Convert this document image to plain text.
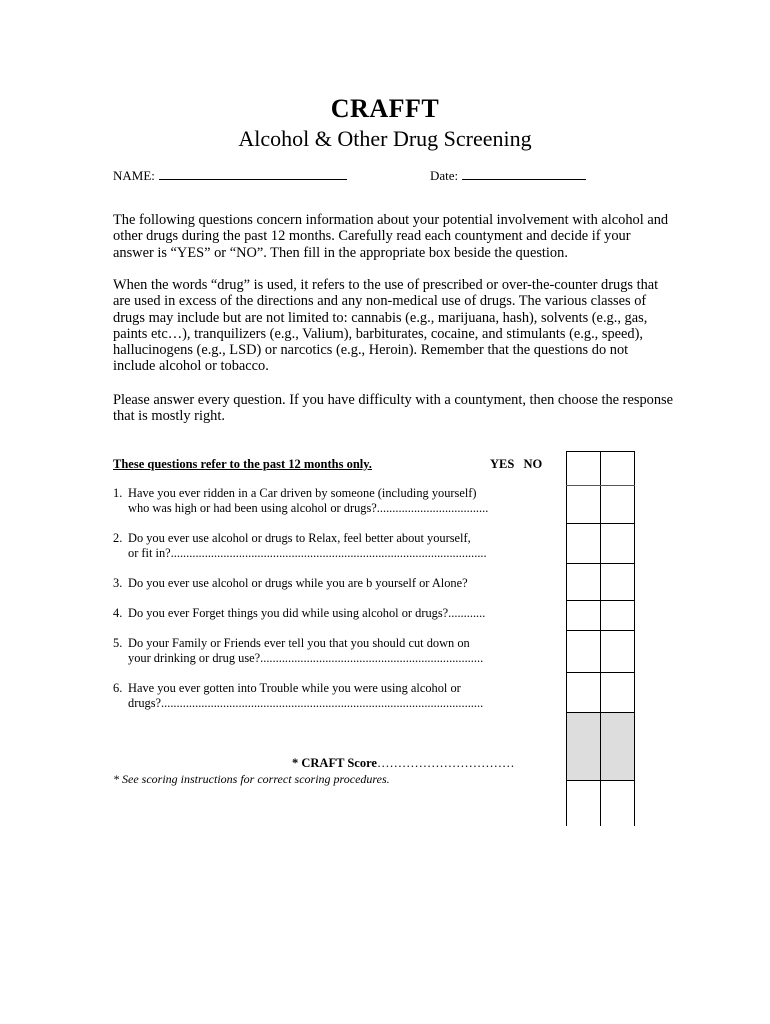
CRAFFT
Alcohol & Other Drug Screening
NAME:	Date:

The following questions concern information about your potential involvement with alcohol and other drugs during the past 12 months. Carefully read each countyment and decide if your answer is “YES” or “NO”. Then fill in the appropriate box beside the question.

When the words “drug” is used, it refers to the use of prescribed or over-the-counter drugs that are used in excess of the directions and any non-medical use of drugs. The various classes of drugs may include but are not limited to: cannabis (e.g., marijuana, hash), solvents (e.g., gas, paints etc…), tranquilizers (e.g., Valium), barbiturates, cocaine, and stimulants (e.g., speed), hallucinogens (e.g., LSD) or narcotics (e.g., Heroin). Remember that the questions do not include alcohol or tobacco.

Please answer every question. If you have difficulty with a countyment, then choose the response that is mostly right.

These questions refer to the past 12 months only.	YES NO
1. Have you ever ridden in a Car driven by someone (including yourself)
who was high or had been using alcohol or drugs?....................................
2. Do you ever use alcohol or drugs to Relax, feel better about yourself,
or fit in?......................................................................................................
3. Do you ever use alcohol or drugs while you are b yourself or Alone?
4. Do you ever Forget things you did while using alcohol or drugs?............
5. Do your Family or Friends ever tell you that you should cut down on
your drinking or drug use?........................................................................
6. Have you ever gotten into Trouble while you were using alcohol or
drugs?........................................................................................................
* CRAFT Score……………………………
* See scoring instructions for correct scoring procedures.
